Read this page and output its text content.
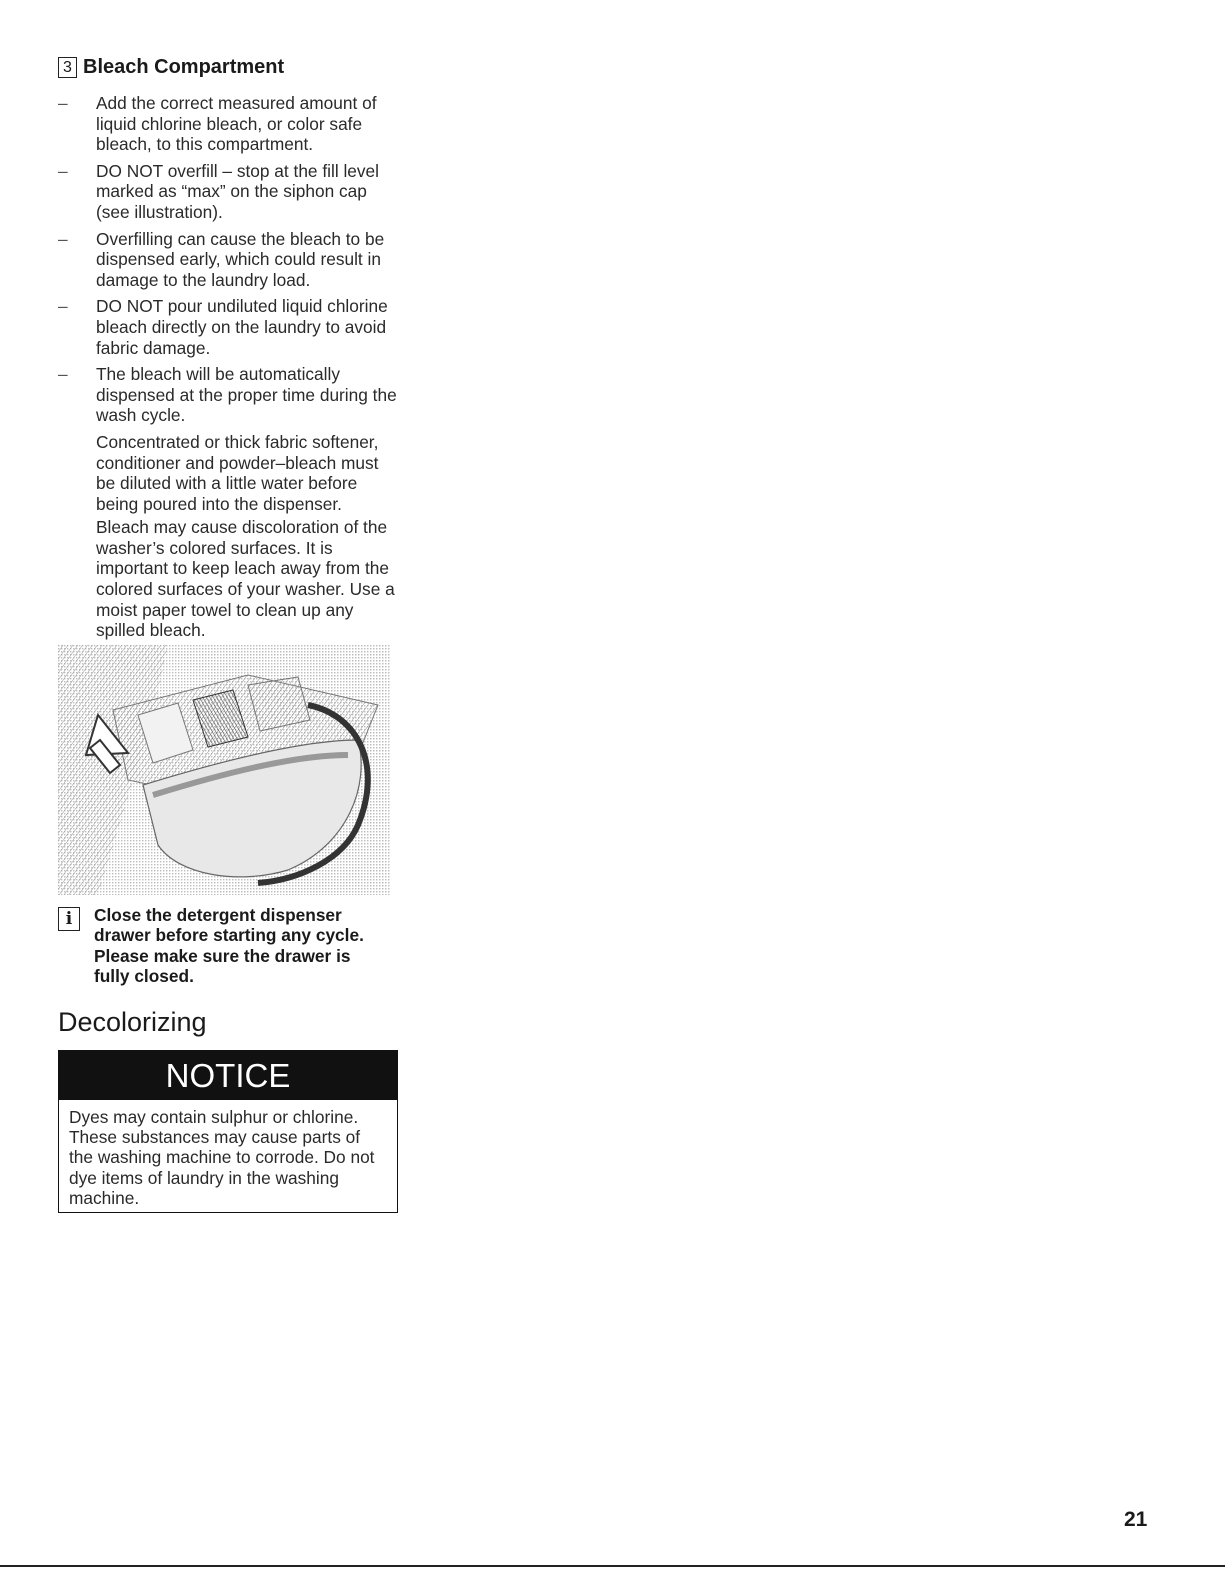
3 Bleach Compartment
– Add the correct measured amount of liquid chlorine bleach, or color safe bleach, to this compartment.
– DO NOT overfill – stop at the fill level marked as “max” on the siphon cap (see illustration).
– Overfilling can cause the bleach to be dispensed early, which could result in damage to the laundry load.
– DO NOT pour undiluted liquid chlorine bleach directly on the laundry to avoid fabric damage.
– The bleach will be automatically dispensed at the proper time during the wash cycle.

Concentrated or thick fabric softener, conditioner and powder–bleach must be diluted with a little water before being poured into the dispenser.

Bleach may cause discoloration of the washer’s colored surfaces. It is important to keep leach away from the colored surfaces of your washer. Use a moist paper towel to clean up any spilled bleach.

i	Close the detergent dispenser drawer before starting any cycle. Please make sure the drawer is fully closed.
Decolorizing
NOTICE
Dyes may contain sulphur or chlorine. These substances may cause parts of the washing machine to corrode. Do not dye items of laundry in the washing machine.
21
